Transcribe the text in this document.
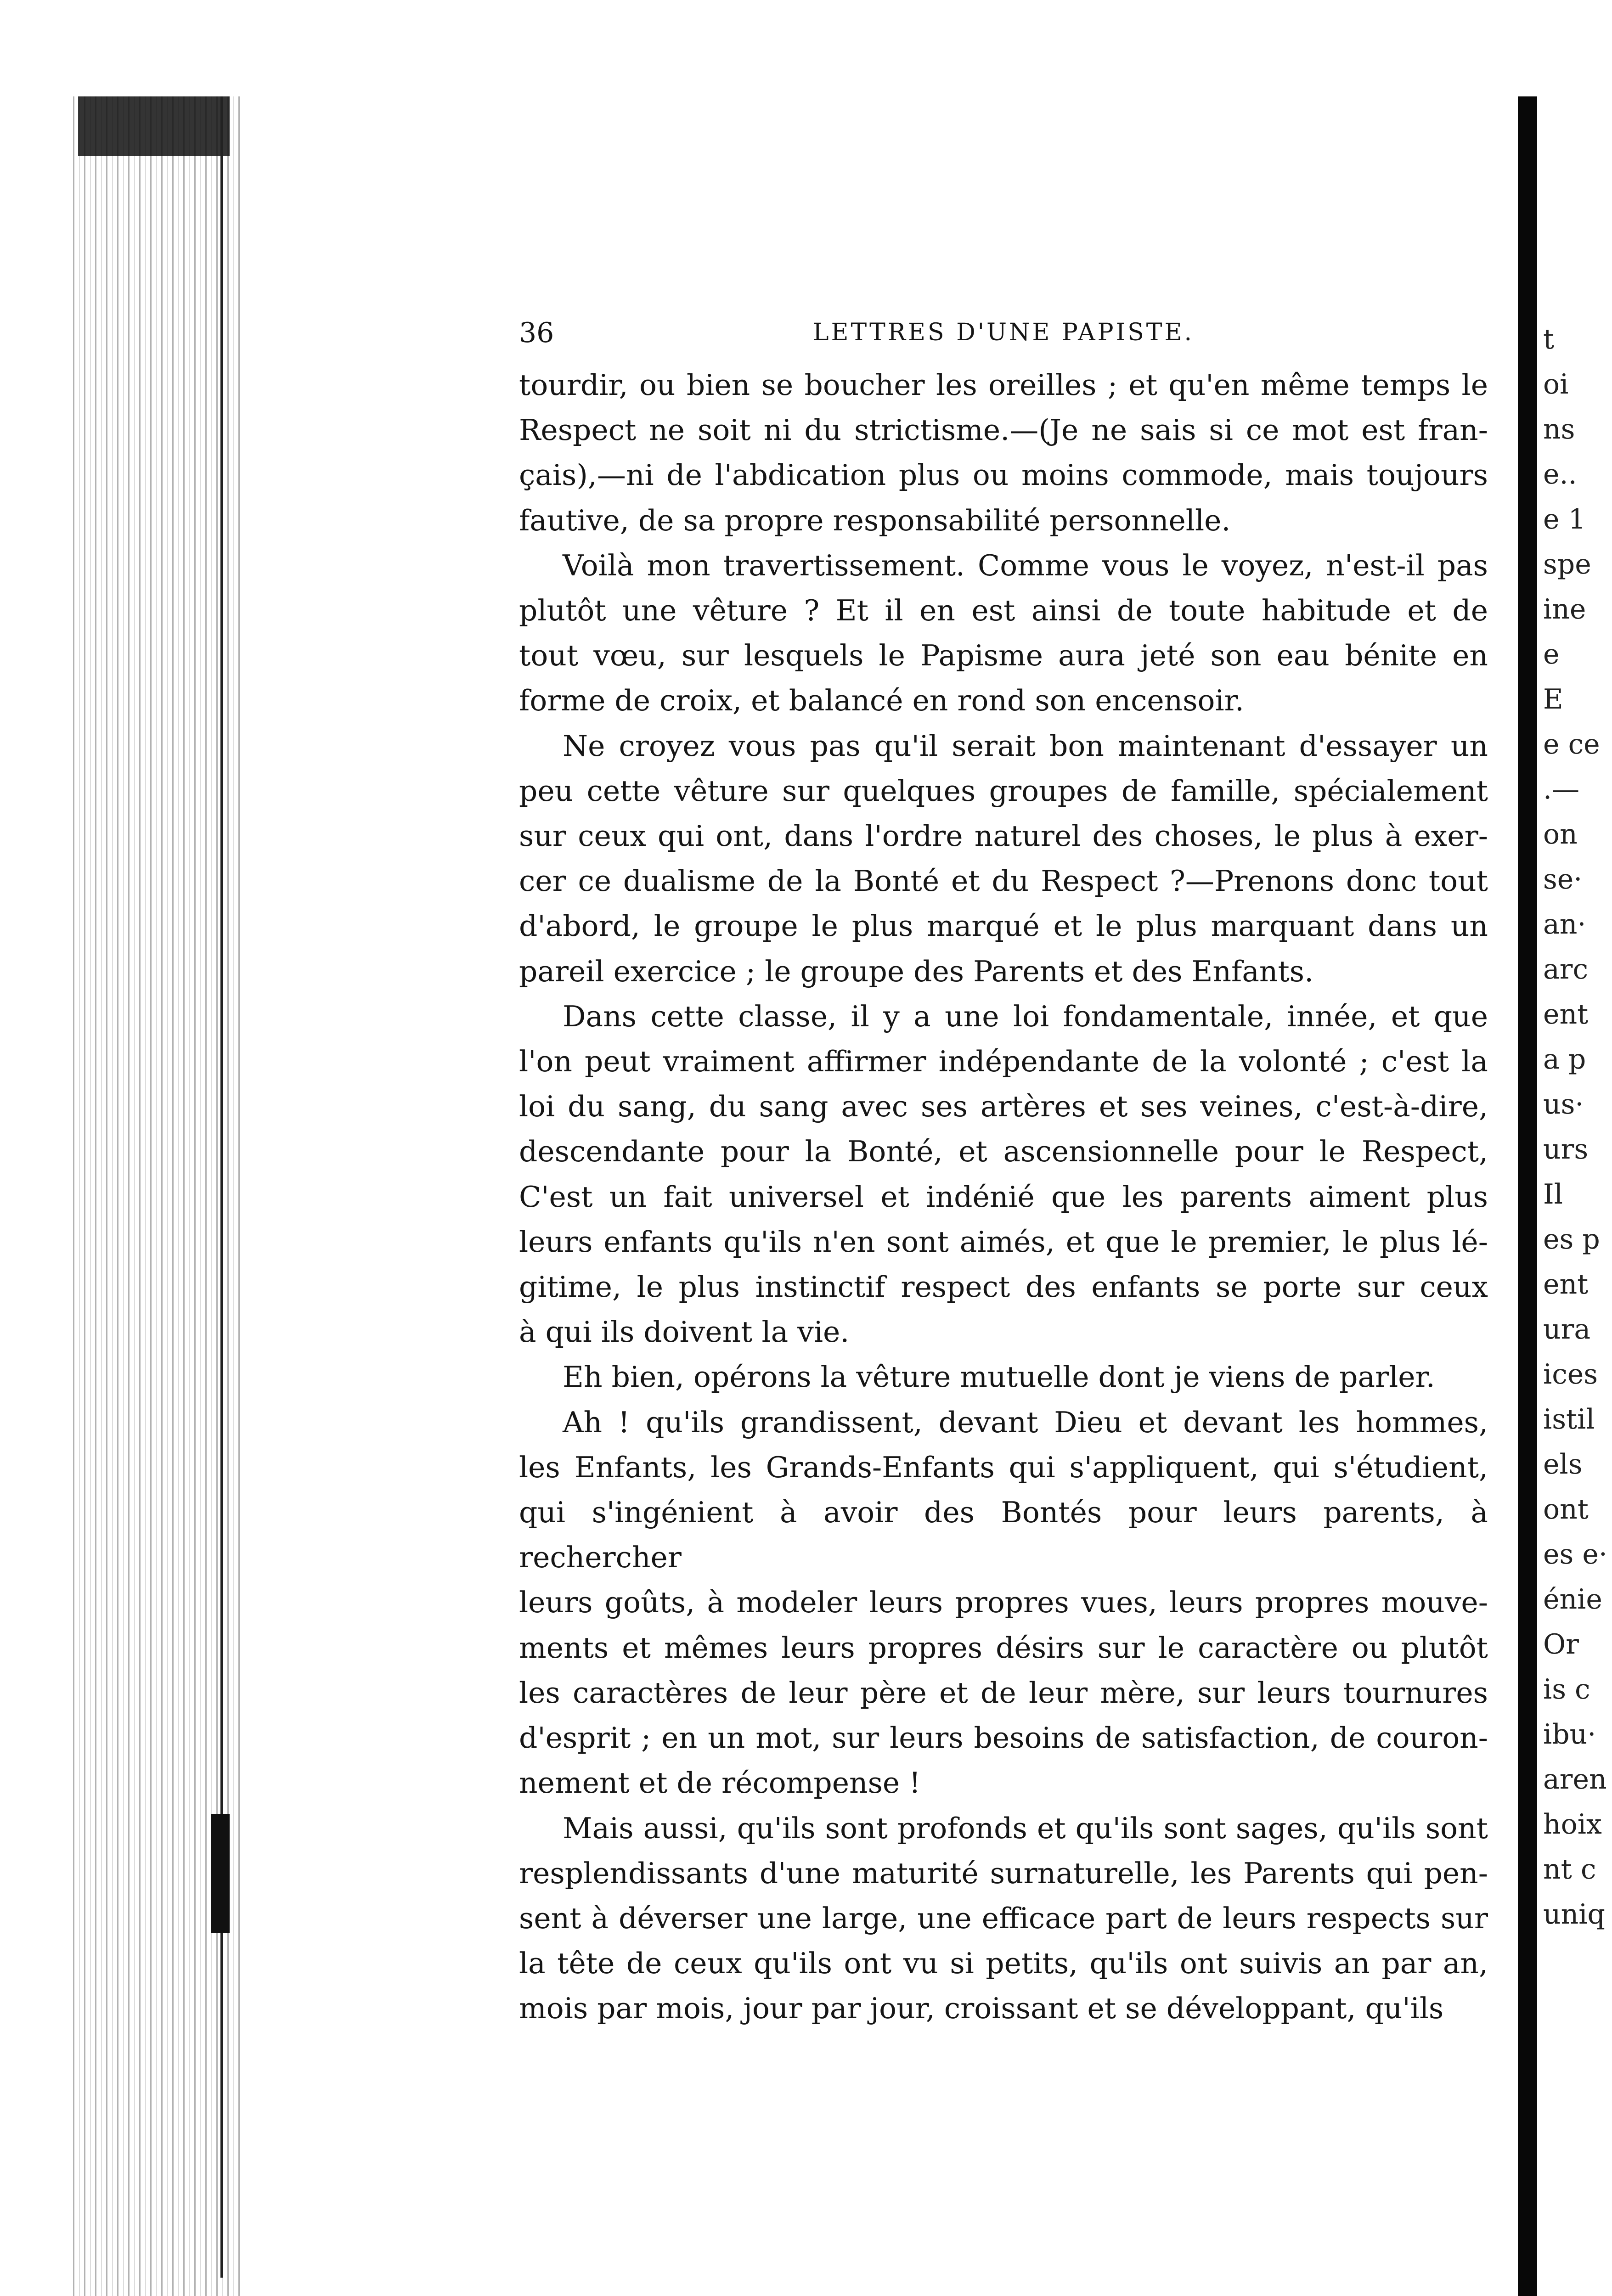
t
oi
ns
e..
e 1
spe
ine
e
E
e ce
.—
on
se·
an·
arc
ent
a p
us·
urs
Il
es p
ent
ura
ices
istil
els
ont
es e·
énie
Or
is c
ibu·
aren
hoix
nt c
uniq
36	LETTRES D'UNE PAPISTE.
tourdir, ou bien se boucher les oreilles ; et qu'en même temps le
Respect ne soit ni du strictisme.—(Je ne sais si ce mot est fran-
çais),—ni de l'abdication plus ou moins commode, mais toujours
fautive, de sa propre responsabilité personnelle.
Voilà mon travertissement. Comme vous le voyez, n'est-il pas
plutôt une vêture ? Et il en est ainsi de toute habitude et de
tout vœu, sur lesquels le Papisme aura jeté son eau bénite en
forme de croix, et balancé en rond son encensoir.
Ne croyez vous pas qu'il serait bon maintenant d'essayer un
peu cette vêture sur quelques groupes de famille, spécialement
sur ceux qui ont, dans l'ordre naturel des choses, le plus à exer-
cer ce dualisme de la Bonté et du Respect ?—Prenons donc tout
d'abord, le groupe le plus marqué et le plus marquant dans un
pareil exercice ; le groupe des Parents et des Enfants.
Dans cette classe, il y a une loi fondamentale, innée, et que
l'on peut vraiment affirmer indépendante de la volonté ; c'est la
loi du sang, du sang avec ses artères et ses veines, c'est-à-dire,
descendante pour la Bonté, et ascensionnelle pour le Respect,
C'est un fait universel et indénié que les parents aiment plus
leurs enfants qu'ils n'en sont aimés, et que le premier, le plus lé-
gitime, le plus instinctif respect des enfants se porte sur ceux
à qui ils doivent la vie.
Eh bien, opérons la vêture mutuelle dont je viens de parler.
Ah ! qu'ils grandissent, devant Dieu et devant les hommes,
les Enfants, les Grands-Enfants qui s'appliquent, qui s'étudient,
qui s'ingénient à avoir des Bontés pour leurs parents, à rechercher
leurs goûts, à modeler leurs propres vues, leurs propres mouve-
ments et mêmes leurs propres désirs sur le caractère ou plutôt
les caractères de leur père et de leur mère, sur leurs tournures
d'esprit ; en un mot, sur leurs besoins de satisfaction, de couron-
nement et de récompense !
Mais aussi, qu'ils sont profonds et qu'ils sont sages, qu'ils sont
resplendissants d'une maturité surnaturelle, les Parents qui pen-
sent à déverser une large, une efficace part de leurs respects sur
la tête de ceux qu'ils ont vu si petits, qu'ils ont suivis an par an,
mois par mois, jour par jour, croissant et se développant, qu'ils
